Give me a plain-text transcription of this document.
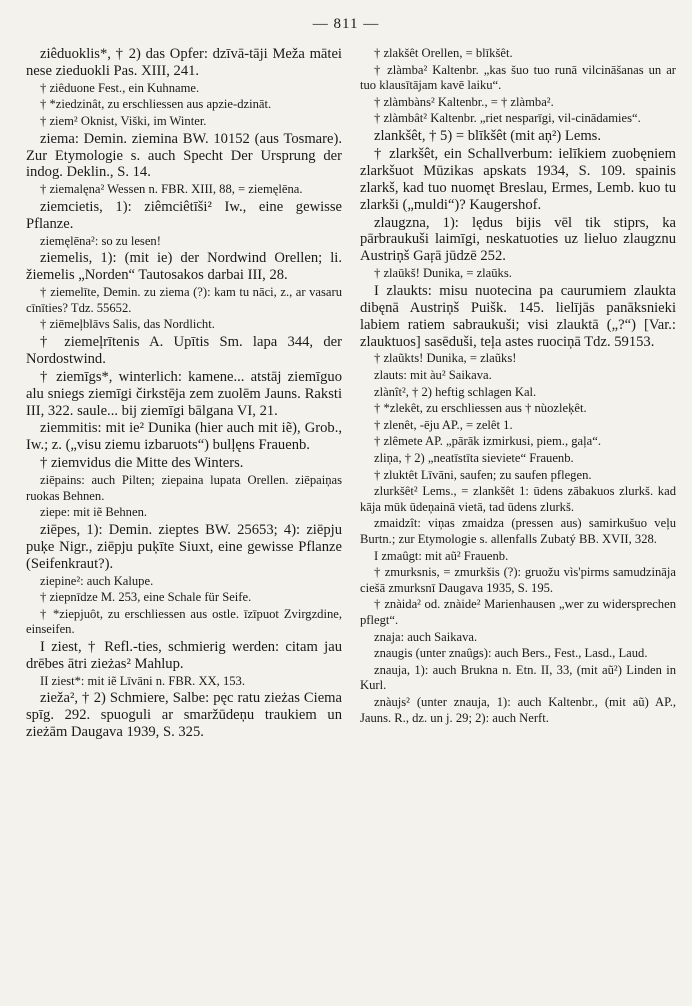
— 811 —

ziêduoklis*, † 2) das Opfer: dzīvā-tāji Meža mātei nese zieduokli Pas. XIII, 241.

† ziêduone Fest., ein Kuhname.

† *ziedzinât, zu erschliessen aus apzie-dzināt.

† ziem² Oknist, Viški, im Winter.

ziema: Demin. ziemina BW. 10152 (aus Tosmare). Zur Etymologie s. auch Specht Der Ursprung der indog. Deklin., S. 14.

† ziemalęna² Wessen n. FBR. XIII, 88, = ziemęlēna.

ziemcietis, 1): ziêmciêtīši² Iw., eine gewisse Pflanze.

ziemęlēna²: so zu lesen!

ziemelis, 1): (mit ie) der Nordwind Orellen; li. žiemelis „Norden“ Tautosakos darbai III, 28.

† ziemelīte, Demin. zu ziema (?): kam tu nāci, z., ar vasaru cīnīties? Tdz. 55652.

† ziēmeļblāvs Salis, das Nordlicht.

† ziemeļrītenis A. Upītis Sm. lapa 344, der Nordostwind.

† ziemīgs*, winterlich: kamene... atstāj ziemīguo alu sniegs ziemīgi čirkstēja zem zuolēm Jauns. Raksti III, 322. saule... bij ziemīgi bālgana VI, 21.

ziemmitis: mit ie² Dunika (hier auch mit iẽ), Grob., Iw.; z. („visu ziemu izbaruots“) bulļęns Frauenb.

† ziemvidus die Mitte des Winters.

ziēpains: auch Pilten; ziepaina lupata Orellen. ziēpaiņas ruokas Behnen.

ziepe: mit iẽ Behnen.

ziēpes, 1): Demin. zieptes BW. 25653; 4): ziēpju puķe Nigr., ziēpju puķīte Siuxt, eine gewisse Pflanze (Seifenkraut?).

ziepine²: auch Kalupe.

† ziepnīdze M. 253, eine Schale für Seife.

† *ziepjuôt, zu erschliessen aus ostle. īzīpuot Zvirgzdine, einseifen.

I ziest, † Refl.-ties, schmierig werden: citam jau drēbes ātri zieżas² Mahlup.

II ziest*: mit iẽ Līvāni n. FBR. XX, 153.

zieža², † 2) Schmiere, Salbe: pęc ratu zieżas Ciema spīg. 292. spuoguli ar smaržūdeņu traukiem un zieżām Daugava 1939, S. 325.

† zlakšêt Orellen, = blīkšêt.

† zlàmba² Kaltenbr. „kas šuo tuo runā vilcināšanas un ar tuo klausītājam kavē laiku“.

† zlàmbàns² Kaltenbr., = † zlàmba².

† zlàmbât² Kaltenbr. „riet nesparīgi, vil-cinādamies“.

zlankšêt, † 5) = blīkšêt (mit aņ²) Lems.

† zlarkšêt, ein Schallverbum: ielīkiem zuobęniem zlarkšuot Mūzikas apskats 1934, S. 109. spainis zlarkš, kad tuo nuomęt Breslau, Ermes, Lemb. kuo tu zlarkši („muldi“)? Kaugershof.

zlaugzna, 1): lędus bijis vēl tik stiprs, ka pārbraukuši laimīgi, neskatuoties uz lieluo zlaugznu Austriņš Gaŗā jūdzē 252.

† zlaūkš! Dunika, = zlaūks.

I zlaukts: misu nuotecina pa caurumiem zlaukta dibęnā Austriņš Puišk. 145. lielījās panāksnieki labiem ratiem sabraukuši; visi zlauktā („?“) [Var.: zlauktuos] sasēduši, teļa astes ruociņā Tdz. 59153.

† zlaũkts! Dunika, = zlaũks!

zlauts: mit àu² Saikava.

zlànît², † 2) heftig schlagen Kal.

† *zlekêt, zu erschliessen aus † nùozleķêt.

† zlenêt, -ēju AP., = zelêt 1.

† zlêmete AP. „pārāk izmirkusi, piem., gaļa“.

zliņa, † 2) „neatīstīta sieviete“ Frauenb.

† zluktêt Līvāni, saufen; zu saufen pflegen.

zlurkšêt² Lems., = zlankšêt 1: ūdens zābakuos zlurkš. kad kāja mūk ūdeņainā vietā, tad ūdens zlurkš.

zmaidzît: viņas zmaidza (pressen aus) samirkušuo veļu Burtn.; zur Etymologie s. allenfalls Zubatý BB. XVII, 328.

I zmaûgt: mit aũ² Frauenb.

† zmurksnis, = zmurkšis (?): gruožu vìs'pirms samudzināja ciešā zmurksnī Daugava 1935, S. 195.

† znàida² od. znàide² Marienhausen „wer zu widersprechen pflegt“.

znaja: auch Saikava.

znaugis (unter znaûgs): auch Bers., Fest., Lasd., Laud.

znauja, 1): auch Brukna n. Etn. II, 33, (mit aũ²) Linden in Kurl.

znàujs² (unter znauja, 1): auch Kaltenbr., (mit aũ) AP., Jauns. R., dz. un j. 29; 2): auch Nerft.
